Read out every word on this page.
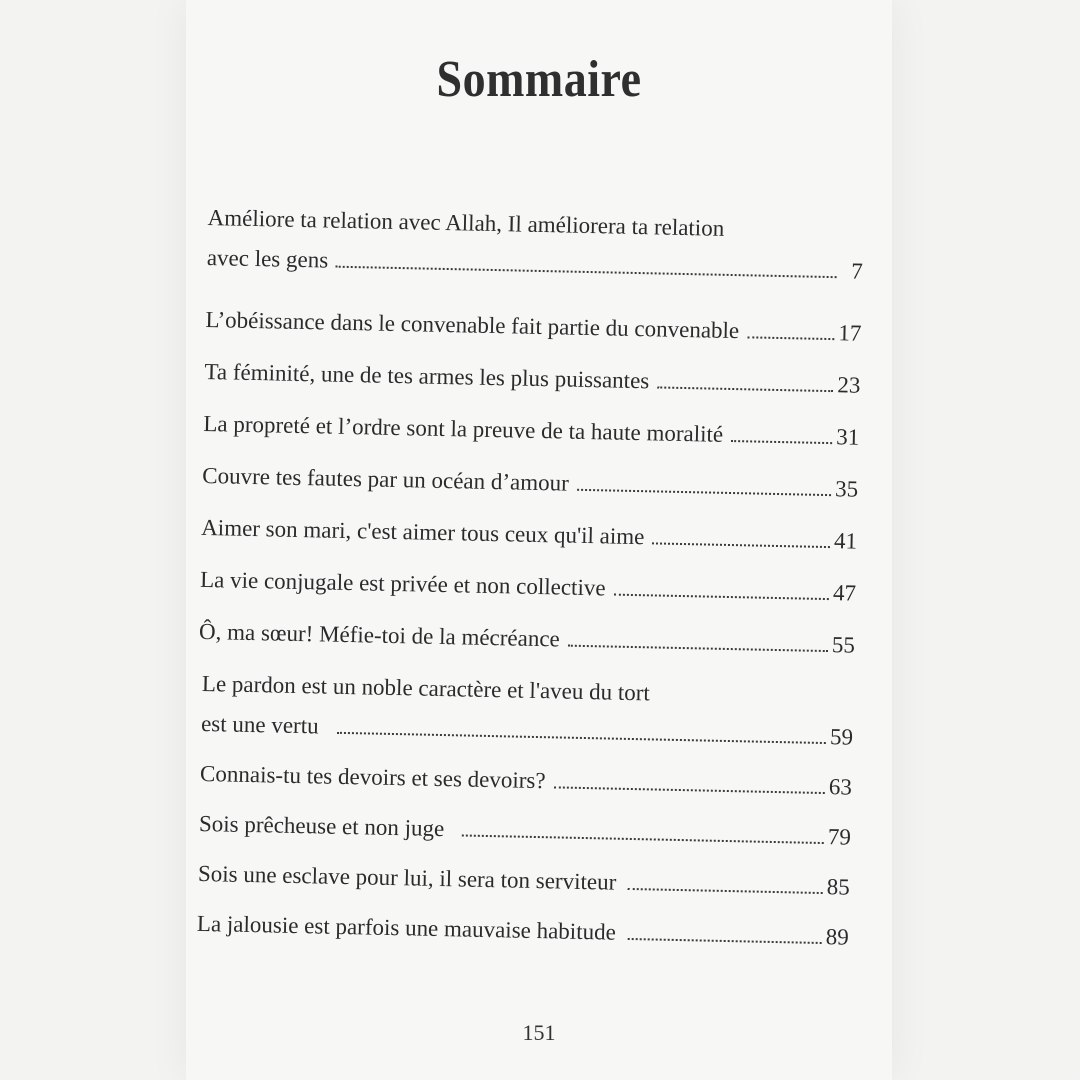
Sommaire
Améliore ta relation avec Allah, Il améliorera ta relation
avec les gens	7
L’obéissance dans le convenable fait partie du convenable	17
Ta féminité, une de tes armes les plus puissantes	23
La propreté et l’ordre sont la preuve de ta haute moralité	31
Couvre tes fautes par un océan d’amour	35
Aimer son mari, c'est aimer tous ceux qu'il aime	41
La vie conjugale est privée et non collective	47
Ô, ma sœur! Méfie-toi de la mécréance	55
Le pardon est un noble caractère et l'aveu du tort
est une vertu	59
Connais-tu tes devoirs et ses devoirs?	63
Sois prêcheuse et non juge	79
Sois une esclave pour lui, il sera ton serviteur	85
La jalousie est parfois une mauvaise habitude	89
151
